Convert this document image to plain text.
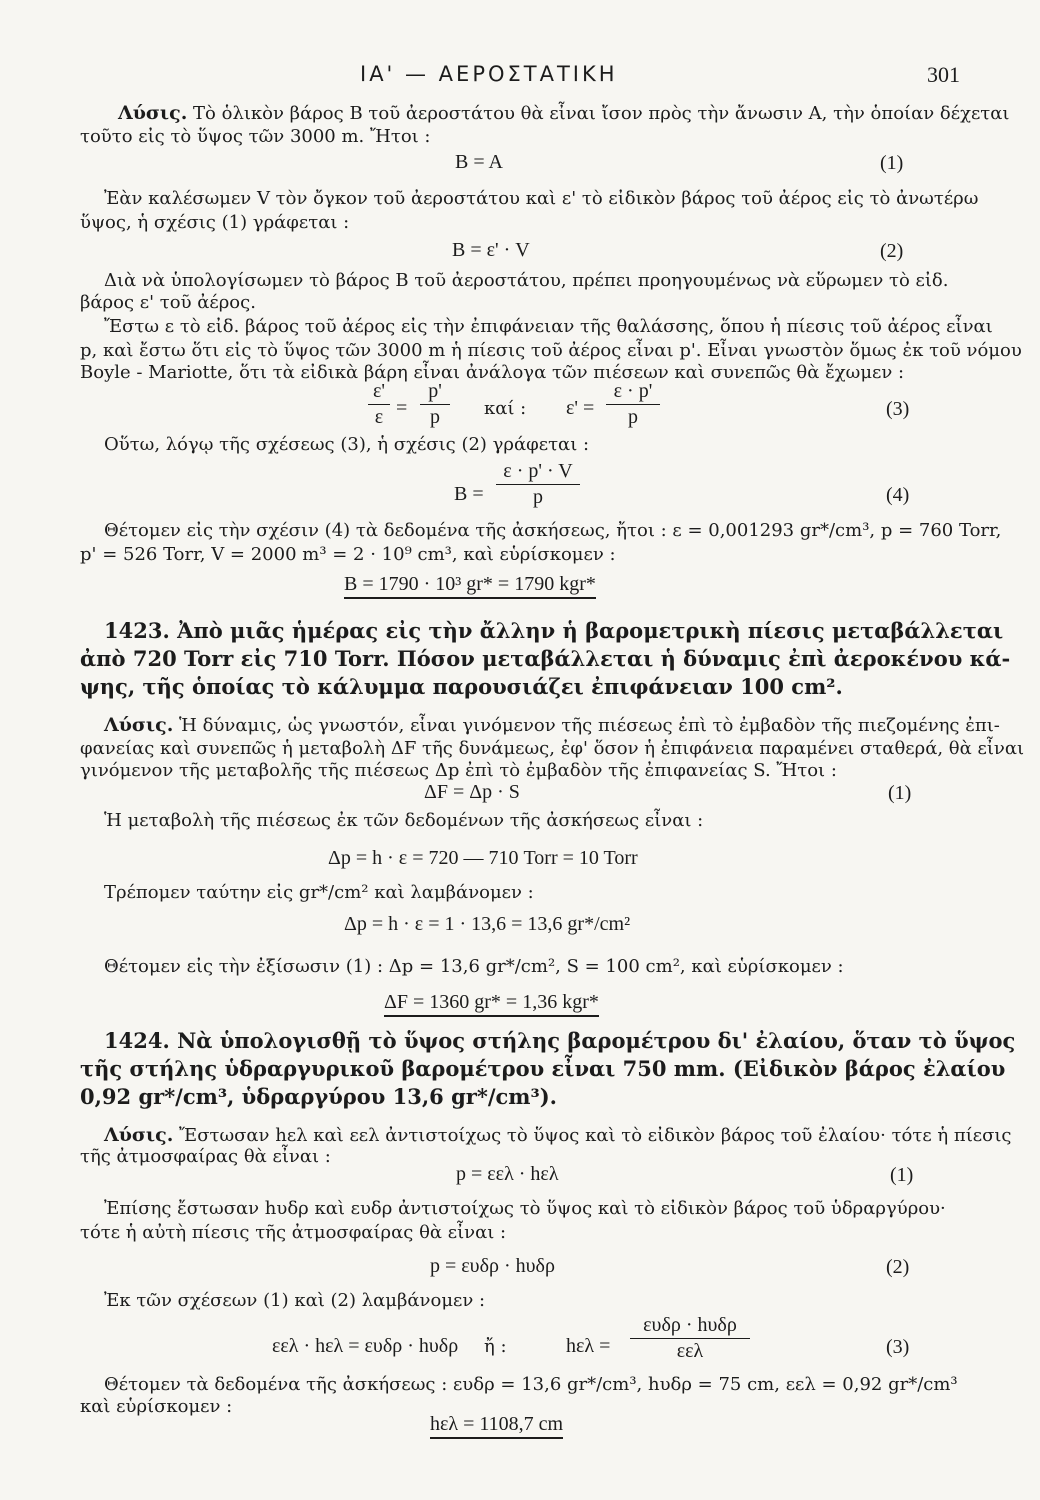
ΙΑ' — ΑΕΡΟΣΤΑΤΙΚΗ	301
Λύσις. Τὸ ὁλικὸν βάρος Β τοῦ ἀεροστάτου θὰ εἶναι ἴσον πρὸς τὴν ἄνωσιν Α, τὴν ὁποίαν δέχεται
τοῦτο εἰς τὸ ὕψος τῶν 3000 m. Ἤτοι :
B = A	(1)
Ἐὰν καλέσωμεν V τὸν ὄγκον τοῦ ἀεροστάτου καὶ ε' τὸ εἰδικὸν βάρος τοῦ ἀέρος εἰς τὸ ἀνωτέρω
ὕψος, ἡ σχέσις (1) γράφεται :
B = ε' · V	(2)
Διὰ νὰ ὑπολογίσωμεν τὸ βάρος Β τοῦ ἀεροστάτου, πρέπει προηγουμένως νὰ εὕρωμεν τὸ εἰδ.
βάρος ε' τοῦ ἀέρος.
Ἔστω ε τὸ εἰδ. βάρος τοῦ ἀέρος εἰς τὴν ἐπιφάνειαν τῆς θαλάσσης, ὅπου ἡ πίεσις τοῦ ἀέρος εἶναι
p, καὶ ἔστω ὅτι εἰς τὸ ὕψος τῶν 3000 m ἡ πίεσις τοῦ ἀέρος εἶναι p'. Εἶναι γνωστὸν ὅμως ἐκ τοῦ νόμου
Boyle - Mariotte, ὅτι τὰ εἰδικὰ βάρη εἶναι ἀνάλογα τῶν πιέσεων καὶ συνεπῶς θὰ ἔχωμεν :
ε'
ε =
p'
p	καί : ε' =
ε · p'
p	(3)
Οὕτω, λόγῳ τῆς σχέσεως (3), ἡ σχέσις (2) γράφεται :
B =
ε · p' · V
p	(4)
Θέτομεν εἰς τὴν σχέσιν (4) τὰ δεδομένα τῆς ἀσκήσεως, ἤτοι : ε = 0,001293 gr*/cm³, p = 760 Torr,
p' = 526 Torr, V = 2000 m³ = 2 · 10⁹ cm³, καὶ εὑρίσκομεν :
B = 1790 · 10³ gr* = 1790 kgr*
1423. Ἀπὸ μιᾶς ἡμέρας εἰς τὴν ἄλλην ἡ βαρομετρικὴ πίεσις μεταβάλλεται
ἀπὸ 720 Torr εἰς 710 Torr. Πόσον μεταβάλλεται ἡ δύναμις ἐπὶ ἀεροκένου κά-
ψης, τῆς ὁποίας τὸ κάλυμμα παρουσιάζει ἐπιφάνειαν 100 cm².
Λύσις. Ἡ δύναμις, ὡς γνωστόν, εἶναι γινόμενον τῆς πιέσεως ἐπὶ τὸ ἐμβαδὸν τῆς πιεζομένης ἐπι-
φανείας καὶ συνεπῶς ἡ μεταβολὴ ΔF τῆς δυνάμεως, ἐφ' ὅσον ἡ ἐπιφάνεια παραμένει σταθερά, θὰ εἶναι
γινόμενον τῆς μεταβολῆς τῆς πιέσεως Δp ἐπὶ τὸ ἐμβαδὸν τῆς ἐπιφανείας S. Ἤτοι :
ΔF = Δp · S	(1)
Ἡ μεταβολὴ τῆς πιέσεως ἐκ τῶν δεδομένων τῆς ἀσκήσεως εἶναι :
Δp = h · ε = 720 — 710 Torr = 10 Torr
Τρέπομεν ταύτην εἰς gr*/cm² καὶ λαμβάνομεν :
Δp = h · ε = 1 · 13,6 = 13,6 gr*/cm²
Θέτομεν εἰς τὴν ἐξίσωσιν (1) : Δp = 13,6 gr*/cm², S = 100 cm², καὶ εὑρίσκομεν :
ΔF = 1360 gr* = 1,36 kgr*
1424. Νὰ ὑπολογισθῇ τὸ ὕψος στήλης βαρομέτρου δι' ἐλαίου, ὅταν τὸ ὕψος
τῆς στήλης ὑδραργυρικοῦ βαρομέτρου εἶναι 750 mm. (Εἰδικὸν βάρος ἐλαίου
0,92 gr*/cm³, ὑδραργύρου 13,6 gr*/cm³).
Λύσις. Ἔστωσαν hελ καὶ εελ ἀντιστοίχως τὸ ὕψος καὶ τὸ εἰδικὸν βάρος τοῦ ἐλαίου· τότε ἡ πίεσις
τῆς ἀτμοσφαίρας θὰ εἶναι :
p = εελ · hελ	(1)
Ἐπίσης ἔστωσαν hυδρ καὶ ευδρ ἀντιστοίχως τὸ ὕψος καὶ τὸ εἰδικὸν βάρος τοῦ ὑδραργύρου·
τότε ἡ αὐτὴ πίεσις τῆς ἀτμοσφαίρας θὰ εἶναι :
p = ευδρ · hυδρ	(2)
Ἐκ τῶν σχέσεων (1) καὶ (2) λαμβάνομεν :
εελ · hελ = ευδρ · hυδρ ἤ :	hελ =
ευδρ · hυδρ
εελ	(3)
Θέτομεν τὰ δεδομένα τῆς ἀσκήσεως : ευδρ = 13,6 gr*/cm³, hυδρ = 75 cm, εελ = 0,92 gr*/cm³
καὶ εὑρίσκομεν :
hελ = 1108,7 cm
